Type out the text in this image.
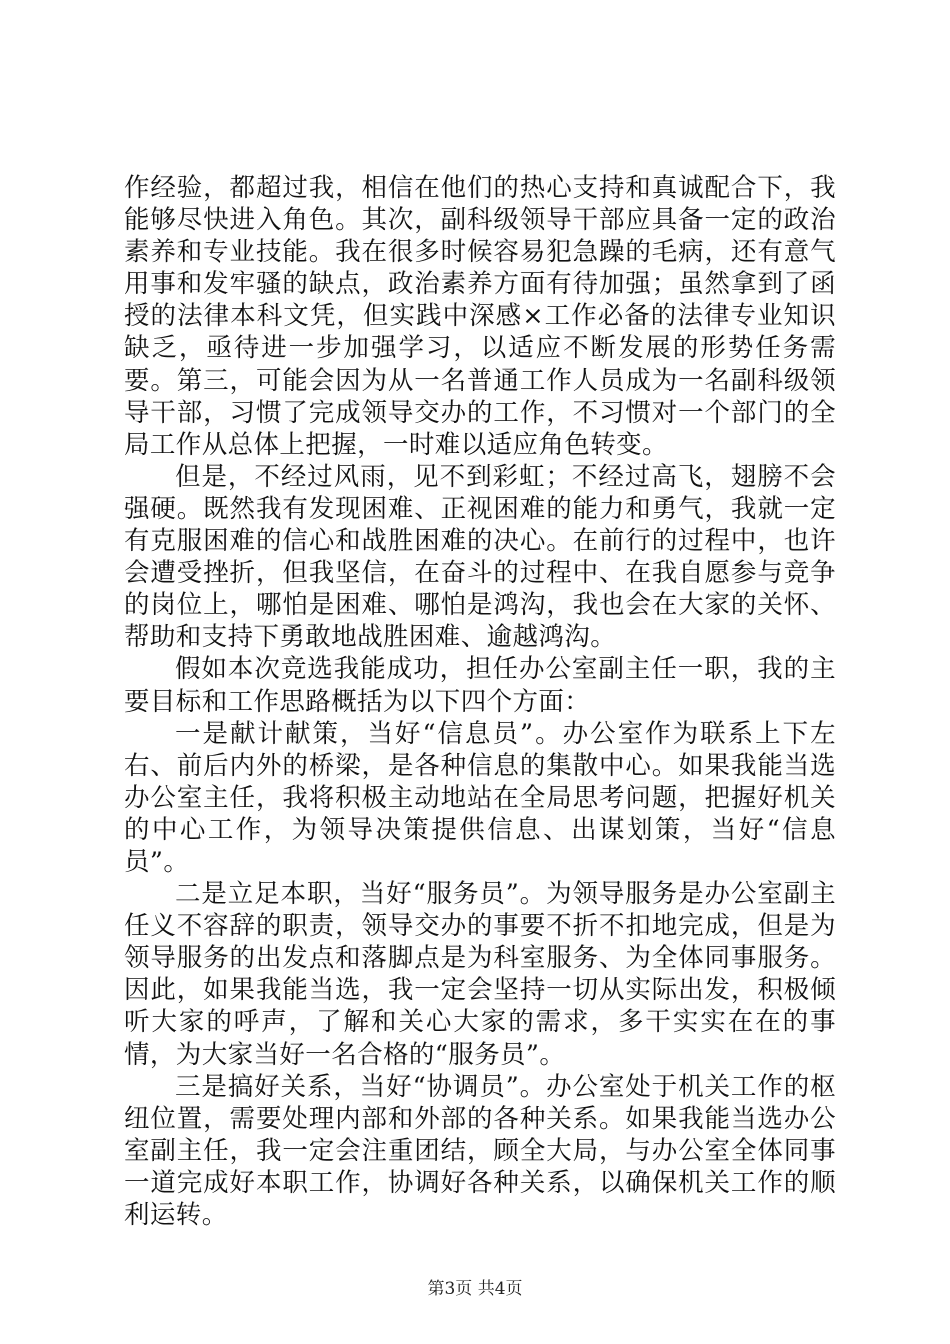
作经验，都超过我，相信在他们的热心支持和真诚配合下，我能够尽快进入角色。其次，副科级领导干部应具备一定的政治素养和专业技能。我在很多时候容易犯急躁的毛病，还有意气用事和发牢骚的缺点，政治素养方面有待加强；虽然拿到了函授的法律本科文凭，但实践中深感×工作必备的法律专业知识缺乏，亟待进一步加强学习，以适应不断发展的形势任务需要。第三，可能会因为从一名普通工作人员成为一名副科级领导干部，习惯了完成领导交办的工作，不习惯对一个部门的全局工作从总体上把握，一时难以适应角色转变。

但是，不经过风雨，见不到彩虹；不经过高飞，翅膀不会强硬。既然我有发现困难、正视困难的能力和勇气，我就一定有克服困难的信心和战胜困难的决心。在前行的过程中，也许会遭受挫折，但我坚信，在奋斗的过程中、在我自愿参与竞争的岗位上，哪怕是困难、哪怕是鸿沟，我也会在大家的关怀、帮助和支持下勇敢地战胜困难、逾越鸿沟。

假如本次竞选我能成功，担任办公室副主任一职，我的主要目标和工作思路概括为以下四个方面：

一是献计献策，当好“信息员”。办公室作为联系上下左右、前后内外的桥梁，是各种信息的集散中心。如果我能当选办公室主任，我将积极主动地站在全局思考问题，把握好机关的中心工作，为领导决策提供信息、出谋划策，当好“信息员”。

二是立足本职，当好“服务员”。为领导服务是办公室副主任义不容辞的职责，领导交办的事要不折不扣地完成，但是为领导服务的出发点和落脚点是为科室服务、为全体同事服务。因此，如果我能当选，我一定会坚持一切从实际出发，积极倾听大家的呼声，了解和关心大家的需求，多干实实在在的事情，为大家当好一名合格的“服务员”。

三是搞好关系，当好“协调员”。办公室处于机关工作的枢纽位置，需要处理内部和外部的各种关系。如果我能当选办公室副主任，我一定会注重团结，顾全大局，与办公室全体同事一道完成好本职工作，协调好各种关系，以确保机关工作的顺利运转。

第3页 共4页
